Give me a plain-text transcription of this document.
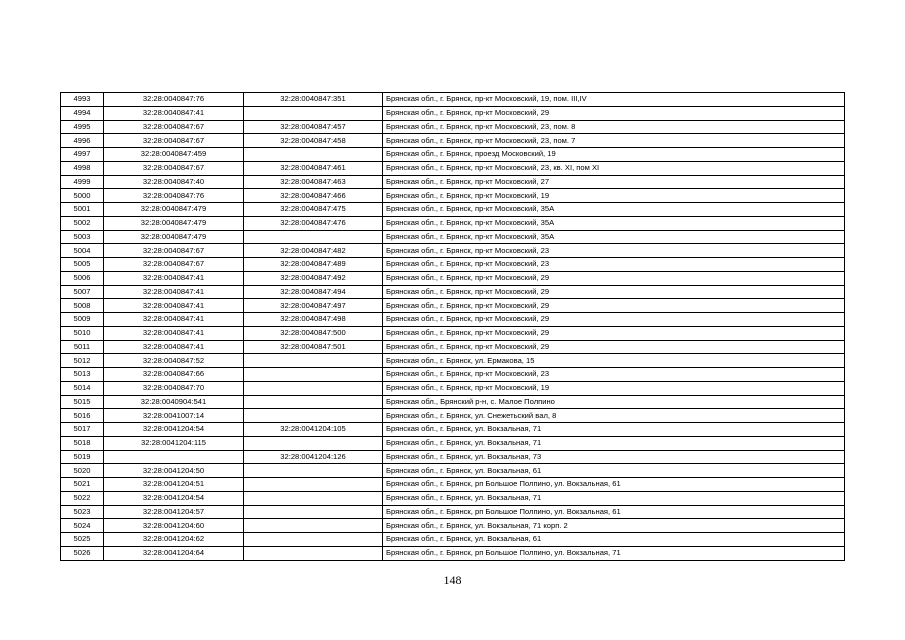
4993	32:28:0040847:76	32:28:0040847:351	Брянская обл., г. Брянск, пр-кт Московский, 19, пом. III,IV
4994	32:28:0040847:41		Брянская обл., г. Брянск, пр-кт Московский, 29
4995	32:28:0040847:67	32:28:0040847:457	Брянская обл., г. Брянск, пр-кт Московский, 23, пом. 8
4996	32:28:0040847:67	32:28:0040847:458	Брянская обл., г. Брянск, пр-кт Московский, 23, пом. 7
4997	32:28:0040847:459		Брянская обл., г. Брянск, проезд Московский, 19
4998	32:28:0040847:67	32:28:0040847:461	Брянская обл., г. Брянск, пр-кт Московский, 23, кв. XI, пом XI
4999	32:28:0040847:40	32:28:0040847:463	Брянская обл., г. Брянск, пр-кт Московский, 27
5000	32:28:0040847:76	32:28:0040847:466	Брянская обл., г. Брянск, пр-кт Московский, 19
5001	32:28:0040847:479	32:28:0040847:475	Брянская обл., г. Брянск, пр-кт Московский, 35А
5002	32:28:0040847:479	32:28:0040847:476	Брянская обл., г. Брянск, пр-кт Московский, 35А
5003	32:28:0040847:479		Брянская обл., г. Брянск, пр-кт Московский, 35А
5004	32:28:0040847:67	32:28:0040847:482	Брянская обл., г. Брянск, пр-кт Московский, 23
5005	32:28:0040847:67	32:28:0040847:489	Брянская обл., г. Брянск, пр-кт Московский, 23
5006	32:28:0040847:41	32:28:0040847:492	Брянская обл., г. Брянск, пр-кт Московский, 29
5007	32:28:0040847:41	32:28:0040847:494	Брянская обл., г. Брянск, пр-кт Московский, 29
5008	32:28:0040847:41	32:28:0040847:497	Брянская обл., г. Брянск, пр-кт Московский, 29
5009	32:28:0040847:41	32:28:0040847:498	Брянская обл., г. Брянск, пр-кт Московский, 29
5010	32:28:0040847:41	32:28:0040847:500	Брянская обл., г. Брянск, пр-кт Московский, 29
5011	32:28:0040847:41	32:28:0040847:501	Брянская обл., г. Брянск, пр-кт Московский, 29
5012	32:28:0040847:52		Брянская обл., г. Брянск, ул. Ермакова, 15
5013	32:28:0040847:66		Брянская обл., г. Брянск, пр-кт Московский, 23
5014	32:28:0040847:70		Брянская обл., г. Брянск, пр-кт Московский, 19
5015	32:28:0040904:541		Брянская обл., Брянский р-н, с. Малое Полпино
5016	32:28:0041007:14		Брянская обл., г. Брянск, ул. Снежетьский вал, 8
5017	32:28:0041204:54	32:28:0041204:105	Брянская обл., г. Брянск, ул. Вокзальная, 71
5018	32:28:0041204:115		Брянская обл., г. Брянск, ул. Вокзальная, 71
5019		32:28:0041204:126	Брянская обл., г. Брянск, ул. Вокзальная, 73
5020	32:28:0041204:50		Брянская обл., г. Брянск, ул. Вокзальная, 61
5021	32:28:0041204:51		Брянская обл., г. Брянск, рп Большое Полпино, ул. Вокзальная, 61
5022	32:28:0041204:54		Брянская обл., г. Брянск, ул. Вокзальная, 71
5023	32:28:0041204:57		Брянская обл., г. Брянск, рп Большое Полпино, ул. Вокзальная, 61
5024	32:28:0041204:60		Брянская обл., г. Брянск, ул. Вокзальная, 71 корп. 2
5025	32:28:0041204:62		Брянская обл., г. Брянск, ул. Вокзальная, 61
5026	32:28:0041204:64		Брянская обл., г. Брянск, рп Большое Полпино, ул. Вокзальная, 71
148
